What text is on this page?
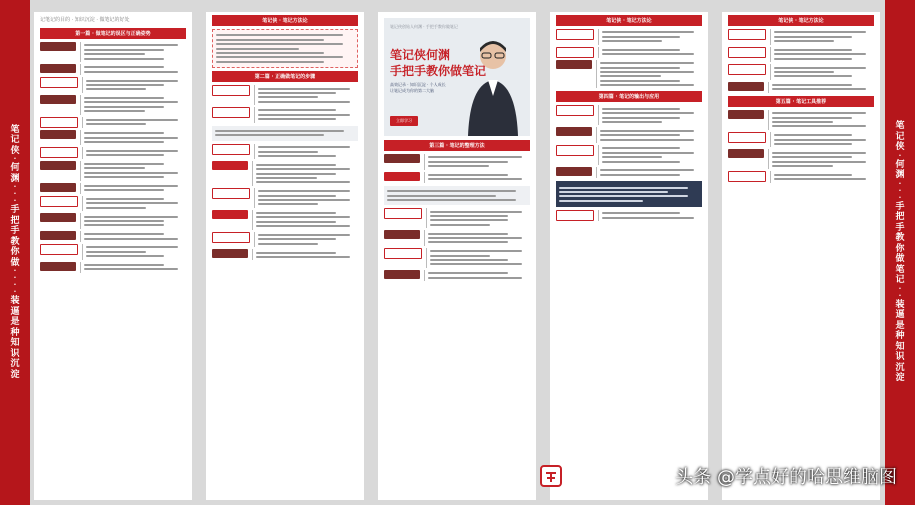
笔
记
侠
·
何
渊
·
·
·
手
把
手
教
你
做
·
·
·
·
装
逼
是
种
知
识
沉
淀
笔
记
侠
·
何
渊
·
·
·
手
把
手
教
你
做
笔
记
·
·
装
逼
是
种
知
识
沉
淀
记笔记的目的 · 知识沉淀 · 做笔记的好处
第一篇 · 做笔记的误区与正确姿势

笔记侠 · 笔记方法论
第二篇 · 正确做笔记的步骤

笔记侠创始人何渊 · 手把手教你做笔记
笔记侠何渊
手把手教你做笔记
高效记录 · 知识沉淀 · 个人成长
让笔记成为你的第二大脑
立即学习
第三篇 · 笔记的整理方法

笔记侠 · 笔记方法论

第四篇 · 笔记的输出与应用

笔记侠 · 笔记方法论

第五篇 · 笔记工具推荐

头条 @学点好的哈思维脑图
